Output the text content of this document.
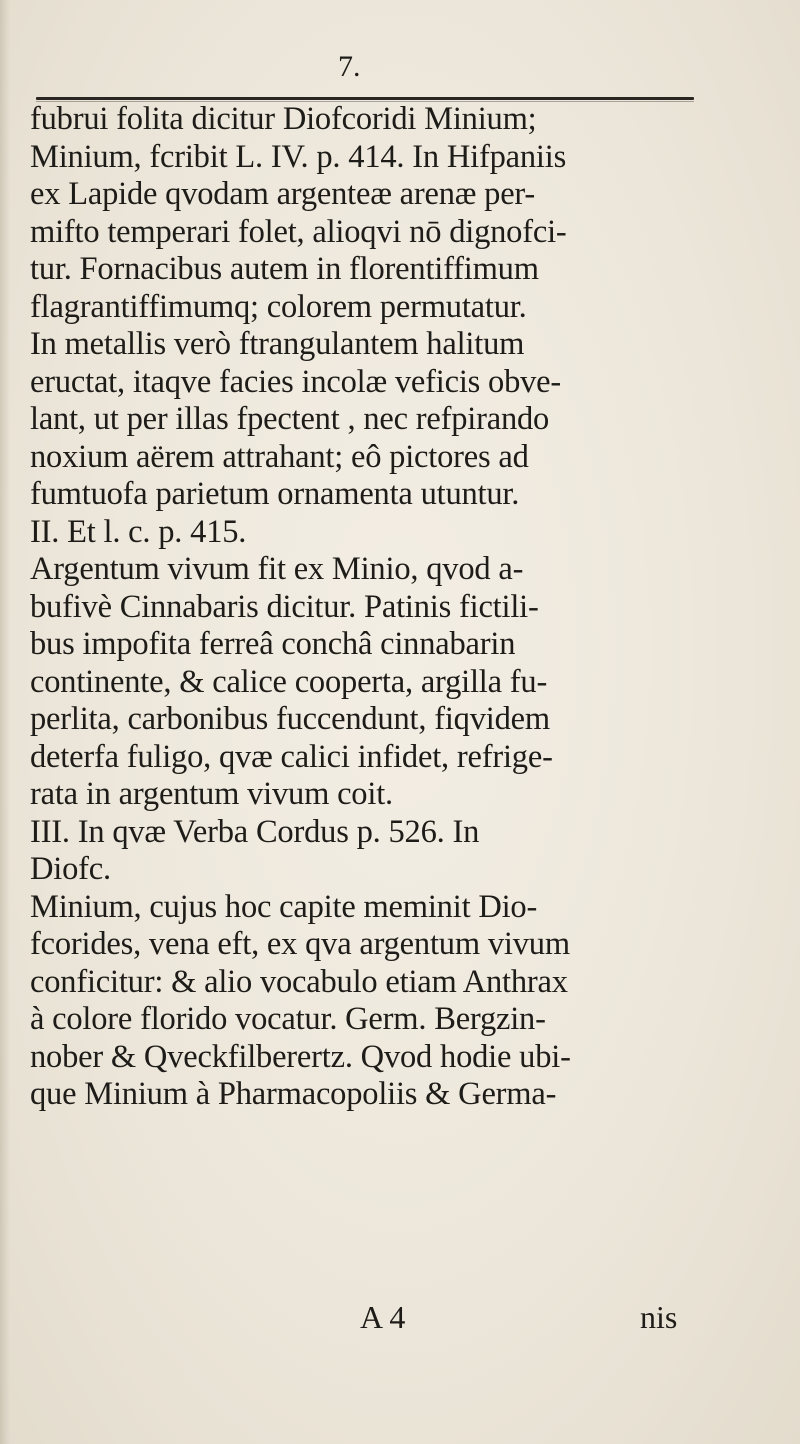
7.
fubrui folita dicitur Diofcoridi Minium;
Minium, fcribit L. IV. p. 414. In Hifpaniis
ex Lapide qvodam argenteæ arenæ per-
mifto temperari folet, alioqvi nō dignofci-
tur. Fornacibus autem in florentiffimum
flagrantiffimumq; colorem permutatur.
In metallis verò ftrangulantem halitum
eructat, itaqve facies incolæ veficis obve-
lant, ut per illas fpectent , nec refpirando
noxium aërem attrahant; eô pictores ad
fumtuofa parietum ornamenta utuntur.
II. Et l. c. p. 415.
Argentum vivum fit ex Minio, qvod a-
bufivè Cinnabaris dicitur. Patinis fictili-
bus impofita ferreâ conchâ cinnabarin
continente, & calice cooperta, argilla fu-
perlita, carbonibus fuccendunt, fiqvidem
deterfa fuligo, qvæ calici infidet, refrige-
rata in argentum vivum coit.
III. In qvæ Verba Cordus p. 526. In
Diofc.
Minium, cujus hoc capite meminit Dio-
fcorides, vena eft, ex qva argentum vivum
conficitur: & alio vocabulo etiam Anthrax
à colore florido vocatur. Germ. Bergzin-
nober & Qveckfilberertz. Qvod hodie ubi-
que Minium à Pharmacopoliis & Germa-
A 4	nis
